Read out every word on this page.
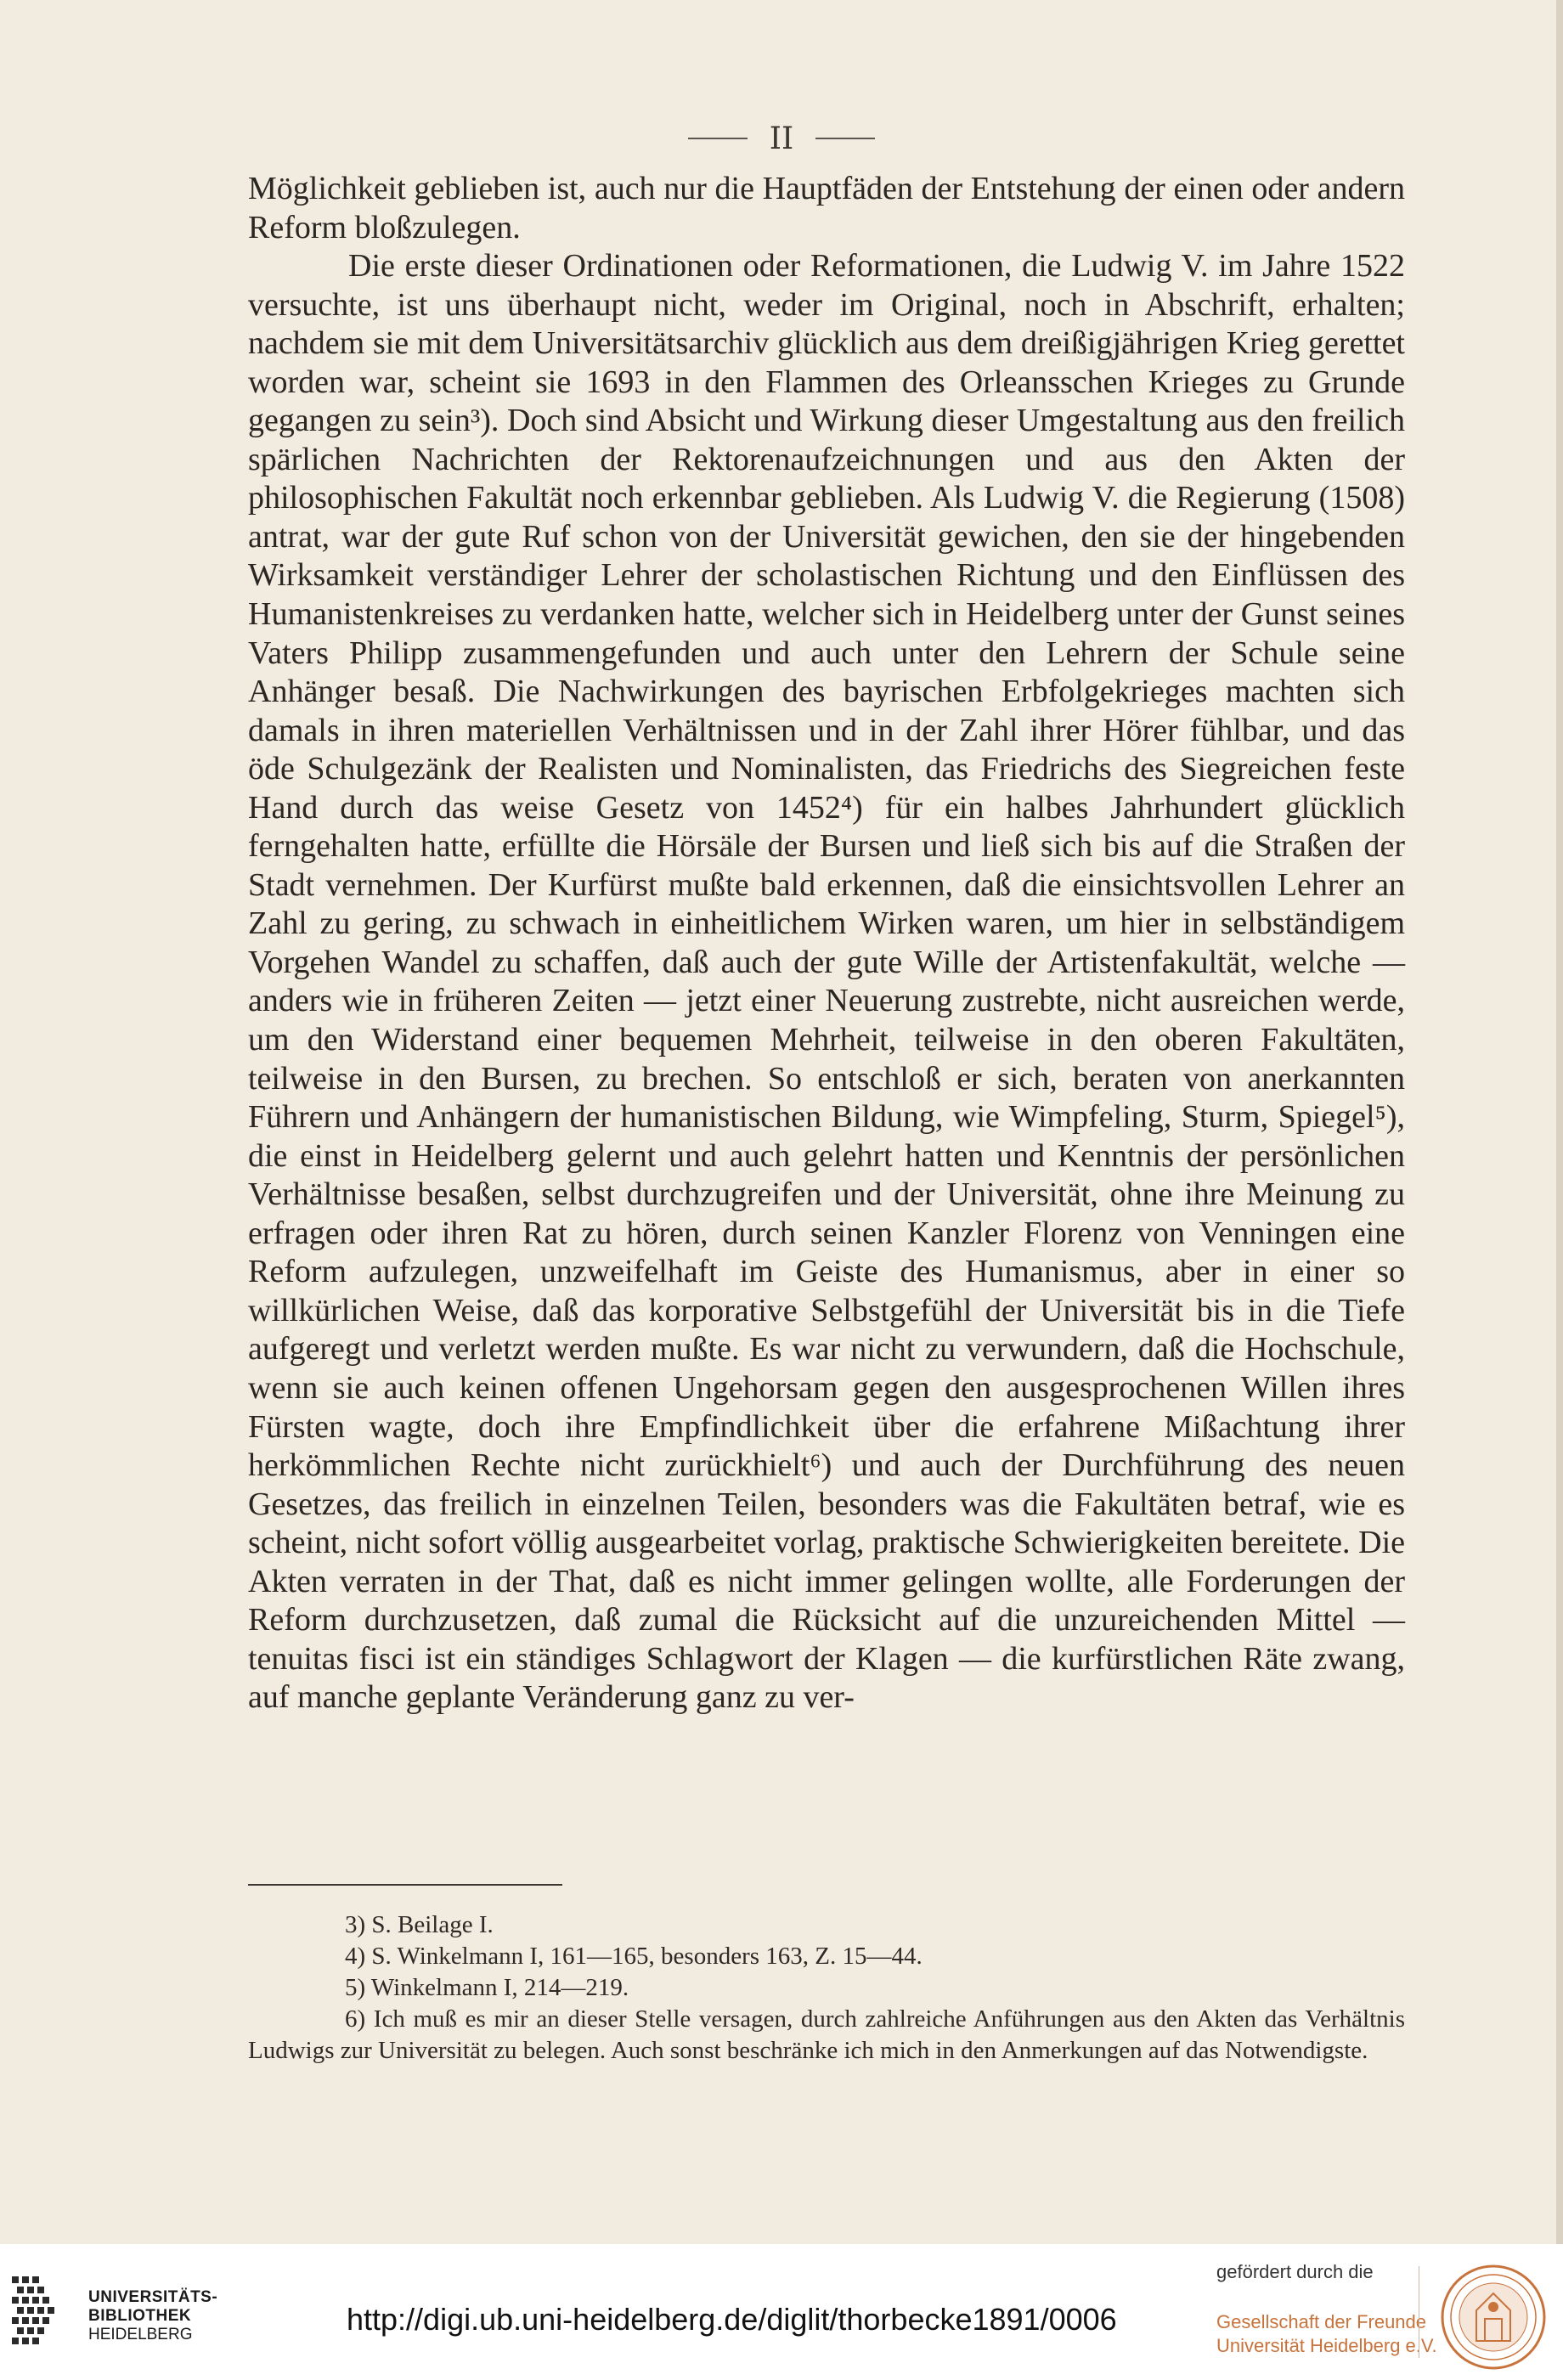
II

Möglichkeit geblieben ist, auch nur die Hauptfäden der Entstehung der einen oder andern Reform bloßzulegen.

Die erste dieser Ordinationen oder Reformationen, die Ludwig V. im Jahre 1522 versuchte, ist uns überhaupt nicht, weder im Original, noch in Abschrift, erhalten; nachdem sie mit dem Universitätsarchiv glücklich aus dem dreißigjährigen Krieg gerettet worden war, scheint sie 1693 in den Flammen des Orleansschen Krieges zu Grunde gegangen zu sein³). Doch sind Absicht und Wirkung dieser Umgestaltung aus den freilich spärlichen Nachrichten der Rektorenaufzeichnungen und aus den Akten der philosophischen Fakultät noch erkennbar geblieben. Als Ludwig V. die Regierung (1508) antrat, war der gute Ruf schon von der Universität gewichen, den sie der hingebenden Wirksamkeit verständiger Lehrer der scholastischen Richtung und den Einflüssen des Humanistenkreises zu verdanken hatte, welcher sich in Heidelberg unter der Gunst seines Vaters Philipp zusammengefunden und auch unter den Lehrern der Schule seine Anhänger besaß. Die Nachwirkungen des bayrischen Erbfolgekrieges machten sich damals in ihren materiellen Verhältnissen und in der Zahl ihrer Hörer fühlbar, und das öde Schulgezänk der Realisten und Nominalisten, das Friedrichs des Siegreichen feste Hand durch das weise Gesetz von 1452⁴) für ein halbes Jahrhundert glücklich ferngehalten hatte, erfüllte die Hörsäle der Bursen und ließ sich bis auf die Straßen der Stadt vernehmen. Der Kurfürst mußte bald erkennen, daß die einsichtsvollen Lehrer an Zahl zu gering, zu schwach in einheitlichem Wirken waren, um hier in selbständigem Vorgehen Wandel zu schaffen, daß auch der gute Wille der Artistenfakultät, welche — anders wie in früheren Zeiten — jetzt einer Neuerung zustrebte, nicht ausreichen werde, um den Widerstand einer bequemen Mehrheit, teilweise in den oberen Fakultäten, teilweise in den Bursen, zu brechen. So entschloß er sich, beraten von anerkannten Führern und Anhängern der humanistischen Bildung, wie Wimpfeling, Sturm, Spiegel⁵), die einst in Heidelberg gelernt und auch gelehrt hatten und Kenntnis der persönlichen Verhältnisse besaßen, selbst durchzugreifen und der Universität, ohne ihre Meinung zu erfragen oder ihren Rat zu hören, durch seinen Kanzler Florenz von Venningen eine Reform aufzulegen, unzweifelhaft im Geiste des Humanismus, aber in einer so willkürlichen Weise, daß das korporative Selbstgefühl der Universität bis in die Tiefe aufgeregt und verletzt werden mußte. Es war nicht zu verwundern, daß die Hochschule, wenn sie auch keinen offenen Ungehorsam gegen den ausgesprochenen Willen ihres Fürsten wagte, doch ihre Empfindlichkeit über die erfahrene Mißachtung ihrer herkömmlichen Rechte nicht zurückhielt⁶) und auch der Durchführung des neuen Gesetzes, das freilich in einzelnen Teilen, besonders was die Fakultäten betraf, wie es scheint, nicht sofort völlig ausgearbeitet vorlag, praktische Schwierigkeiten bereitete. Die Akten verraten in der That, daß es nicht immer gelingen wollte, alle Forderungen der Reform durchzusetzen, daß zumal die Rücksicht auf die unzureichenden Mittel — tenuitas fisci ist ein ständiges Schlagwort der Klagen — die kurfürstlichen Räte zwang, auf manche geplante Veränderung ganz zu ver-

3) S. Beilage I.
4) S. Winkelmann I, 161—165, besonders 163, Z. 15—44.
5) Winkelmann I, 214—219.
6) Ich muß es mir an dieser Stelle versagen, durch zahlreiche Anführungen aus den Akten das Verhältnis Ludwigs zur Universität zu belegen. Auch sonst beschränke ich mich in den Anmerkungen auf das Notwendigste.
UNIVERSITÄTS-
BIBLIOTHEK
HEIDELBERG	http://digi.ub.uni-heidelberg.de/diglit/thorbecke1891/0006
gefördert durch die
Gesellschaft der Freunde
Universität Heidelberg e.V.
